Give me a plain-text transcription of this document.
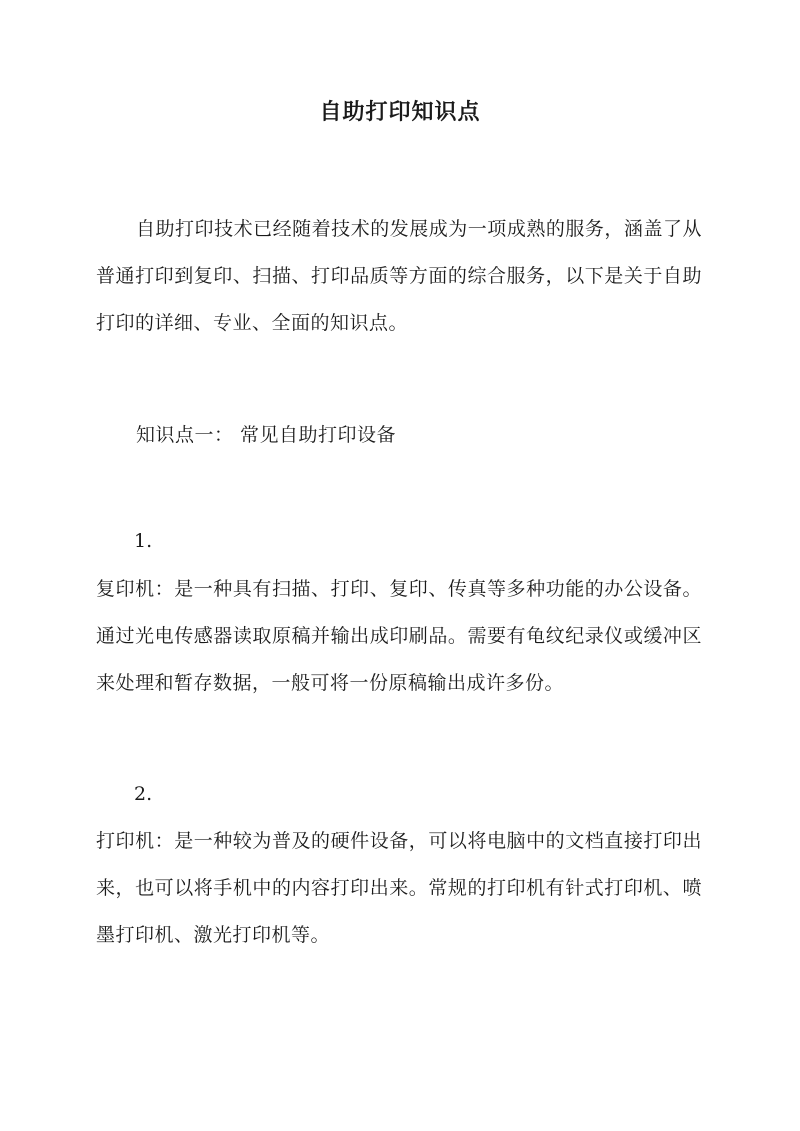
自助打印知识点

自助打印技术已经随着技术的发展成为一项成熟的服务，涵盖了从普通打印到复印、扫描、打印品质等方面的综合服务，以下是关于自助打印的详细、专业、全面的知识点。

知识点一： 常见自助打印设备
1.

复印机：是一种具有扫描、打印、复印、传真等多种功能的办公设备。通过光电传感器读取原稿并输出成印刷品。需要有龟纹纪录仪或缓冲区来处理和暂存数据，一般可将一份原稿输出成许多份。

2.

打印机：是一种较为普及的硬件设备，可以将电脑中的文档直接打印出来，也可以将手机中的内容打印出来。常规的打印机有针式打印机、喷墨打印机、激光打印机等。
